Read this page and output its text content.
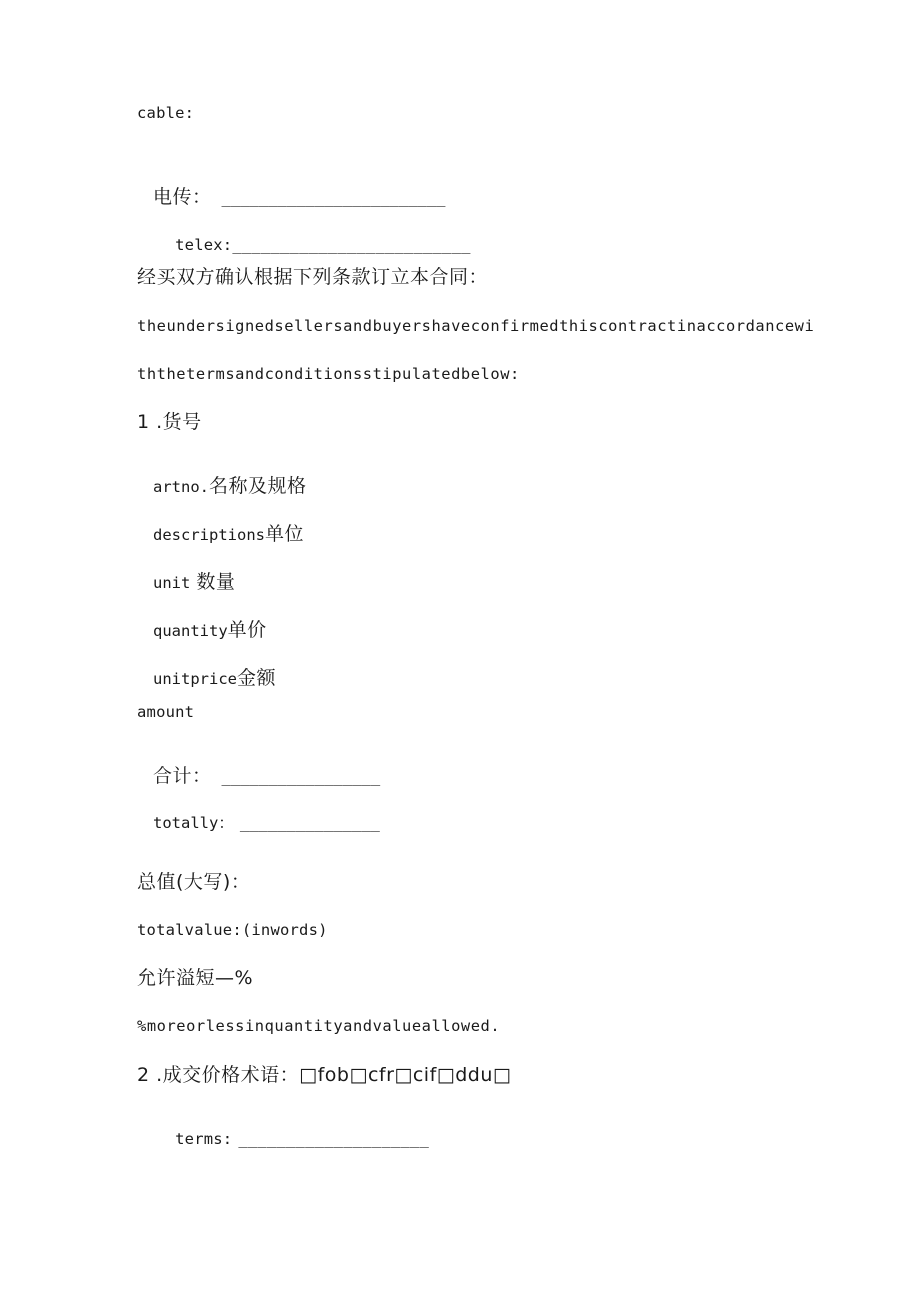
cable:

电传： ________________________

telex:_________________________

经买双方确认根据下列条款订立本合同：

theundersignedsellersandbuyershaveconfirmedthiscontractinaccordancewi

ththetermsandconditionsstipulatedbelow:

1 .货号

artno.名称及规格

descriptions单位

unit 数量

quantity单价

unitprice金额

amount

合计： _________________

totally： _______________

总值(大写)：

totalvalue:(inwords)

允许溢短—%

%moreorlessinquantityandvalueallowed.

2 .成交价格术语：□fob□cfr□cif□ddu□

terms: ____________________
